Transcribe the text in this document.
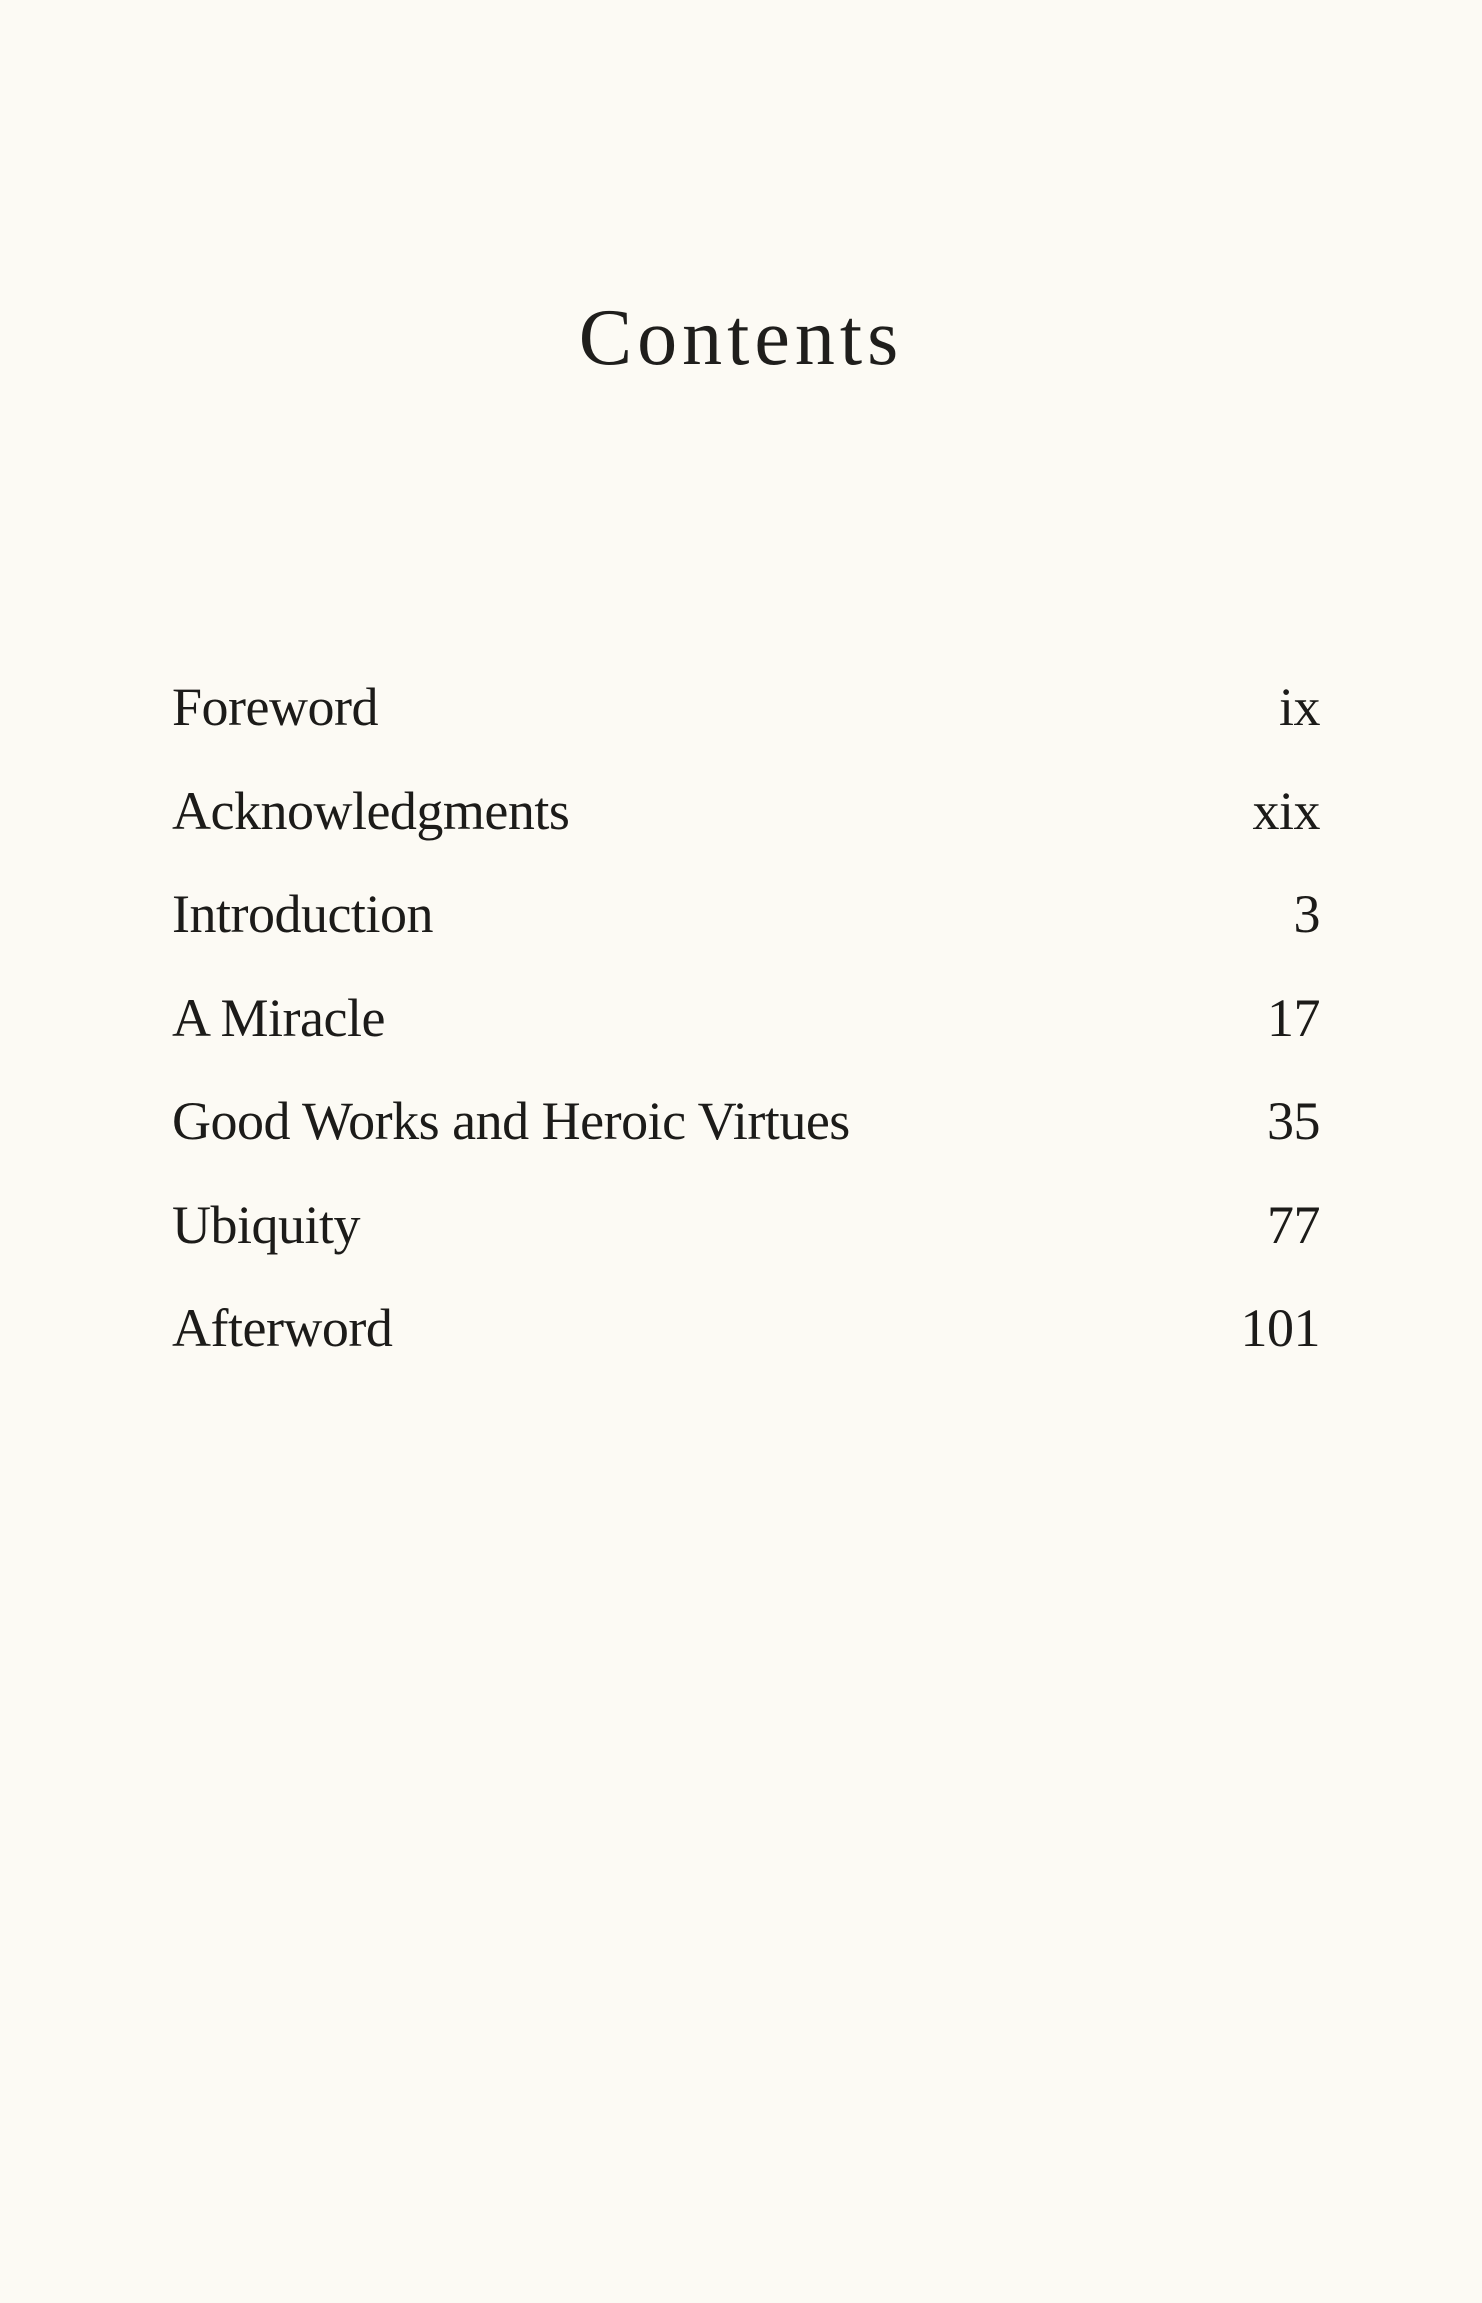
Contents
Foreword	ix
Acknowledgments	xix
Introduction	3
A Miracle	17
Good Works and Heroic Virtues	35
Ubiquity	77
Afterword	101
